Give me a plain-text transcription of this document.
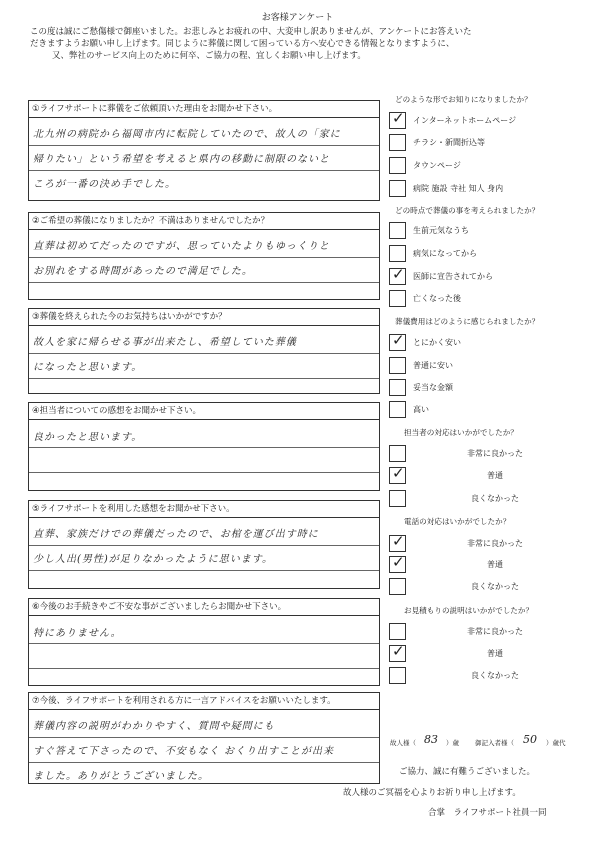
お客様アンケート
この度は誠にご愁傷様で御座いました。お悲しみとお疲れの中、大変申し訳ありませんが、アンケートにお答えいた
だきますようお願い申し上げます。同じように葬儀に関して困っている方へ安心できる情報となりますように、
又、弊社のサービス向上のために何卒、ご協力の程、宜しくお願い申し上げます。
①ライフサポートに葬儀をご依頼頂いた理由をお聞かせ下さい。
北九州の病院から福岡市内に転院していたので、故人の「家に
帰りたい」という希望を考えると県内の移動に制限のないと
ころが一番の決め手でした。
②ご希望の葬儀になりましたか？不満はありませんでしたか？
直葬は初めてだったのですが、思っていたよりもゆっくりと
お別れをする時間があったので満足でした。
③葬儀を終えられた今のお気持ちはいかがですか？
故人を家に帰らせる事が出来たし、希望していた葬儀
になったと思います。
④担当者についての感想をお聞かせ下さい。
良かったと思います。
⑤ライフサポートを利用した感想をお聞かせ下さい。
直葬、家族だけでの葬儀だったので、お棺を運び出す時に
少し人出(男性)が足りなかったように思います。
⑥今後のお手続きやご不安な事がございましたらお聞かせ下さい。
特にありません。
⑦今後、ライフサポートを利用される方に一言アドバイスをお願いいたします。
葬儀内容の説明がわかりやすく、質問や疑問にも
すぐ答えて下さったので、不安もなく おくり出すことが出来
ました。ありがとうございました。
どのような形でお知りになりましたか？
✓ インターネットホームページ
チラシ・新聞折込等
タウンページ
病院 施設 寺社 知人 身内
どの時点で葬儀の事を考えられましたか？
生前元気なうち
病気になってから
✓ 医師に宣告されてから
亡くなった後
葬儀費用はどのように感じられましたか？
✓ とにかく安い
普通に安い
妥当な金額
高い
担当者の対応はいかがでしたか？
非常に良かった
✓	普通
良くなかった
電話の対応はいかがでしたか？
✓	非常に良かった
✓	普通
良くなかった
お見積もりの説明はいかがでしたか？
非常に良かった
✓	普通
良くなかった
故人様（ 83 ）歳 御記入者様（ 50 ）歳代
ご協力、誠に有難うございました。
故人様のご冥福を心よりお祈り申し上げます。
合掌　ライフサポート社員一同
